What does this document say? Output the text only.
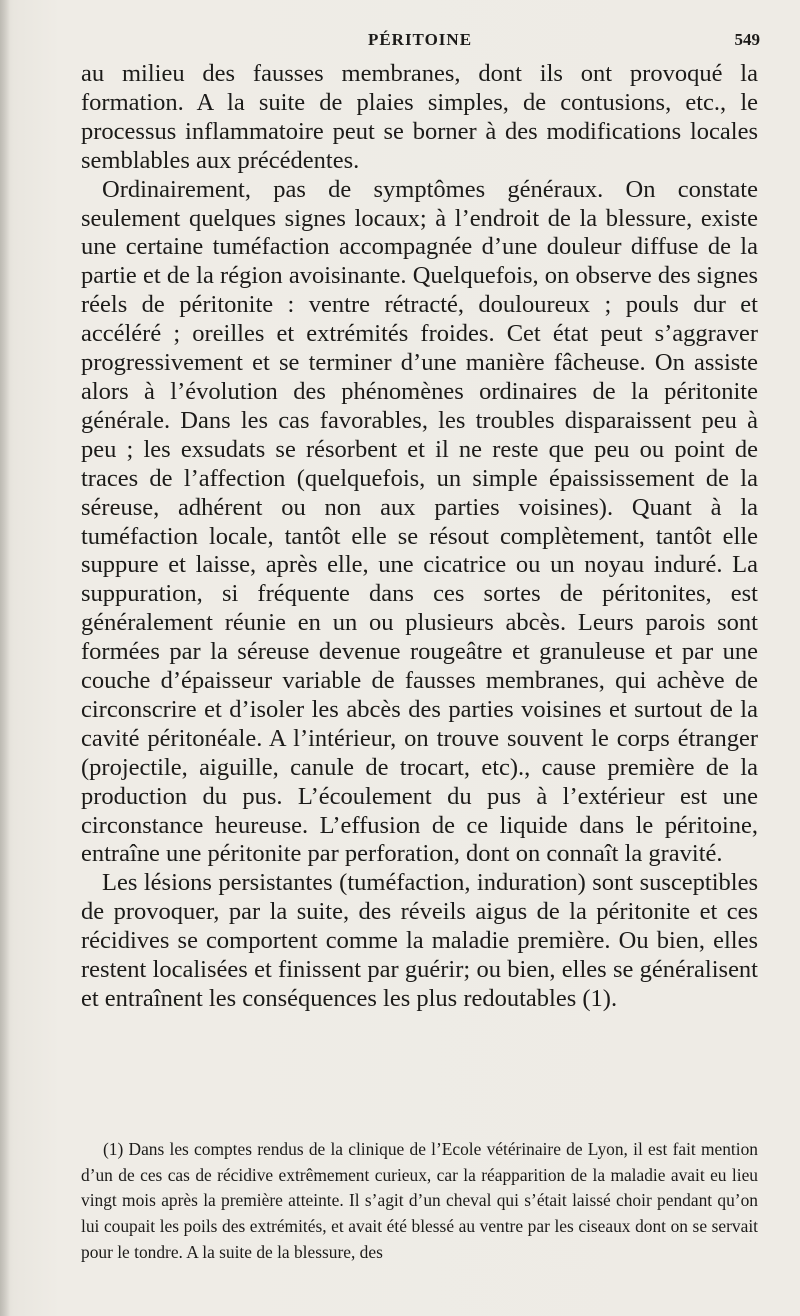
PÉRITOINE	549

au milieu des fausses membranes, dont ils ont provoqué la formation. A la suite de plaies simples, de contusions, etc., le processus inflammatoire peut se borner à des modifications locales semblables aux précédentes.

Ordinairement, pas de symptômes généraux. On constate seulement quelques signes locaux; à l’endroit de la blessure, existe une certaine tuméfaction accompagnée d’une douleur diffuse de la partie et de la région avoisinante. Quelquefois, on observe des signes réels de péritonite : ventre rétracté, douloureux ; pouls dur et accéléré ; oreilles et extrémités froides. Cet état peut s’aggraver progressivement et se terminer d’une manière fâcheuse. On assiste alors à l’évolution des phénomènes ordinaires de la péritonite générale. Dans les cas favorables, les troubles disparaissent peu à peu ; les exsudats se résorbent et il ne reste que peu ou point de traces de l’affection (quelquefois, un simple épaississement de la séreuse, adhérent ou non aux parties voisines). Quant à la tuméfaction locale, tantôt elle se résout complètement, tantôt elle suppure et laisse, après elle, une cicatrice ou un noyau induré. La suppuration, si fréquente dans ces sortes de péritonites, est généralement réunie en un ou plusieurs abcès. Leurs parois sont formées par la séreuse devenue rougeâtre et granuleuse et par une couche d’épaisseur variable de fausses membranes, qui achève de circonscrire et d’isoler les abcès des parties voisines et surtout de la cavité péritonéale. A l’intérieur, on trouve souvent le corps étranger (projectile, aiguille, canule de trocart, etc)., cause première de la production du pus. L’écoulement du pus à l’extérieur est une circonstance heureuse. L’effusion de ce liquide dans le péritoine, entraîne une péritonite par perforation, dont on connaît la gravité.

Les lésions persistantes (tuméfaction, induration) sont susceptibles de provoquer, par la suite, des réveils aigus de la péritonite et ces récidives se comportent comme la maladie première. Ou bien, elles restent localisées et finissent par guérir; ou bien, elles se généralisent et entraînent les conséquences les plus redoutables (1).

(1) Dans les comptes rendus de la clinique de l’Ecole vétérinaire de Lyon, il est fait mention d’un de ces cas de récidive extrêmement curieux, car la réapparition de la maladie avait eu lieu vingt mois après la première atteinte. Il s’agit d’un cheval qui s’était laissé choir pendant qu’on lui coupait les poils des extrémités, et avait été blessé au ventre par les ciseaux dont on se servait pour le tondre. A la suite de la blessure, des
